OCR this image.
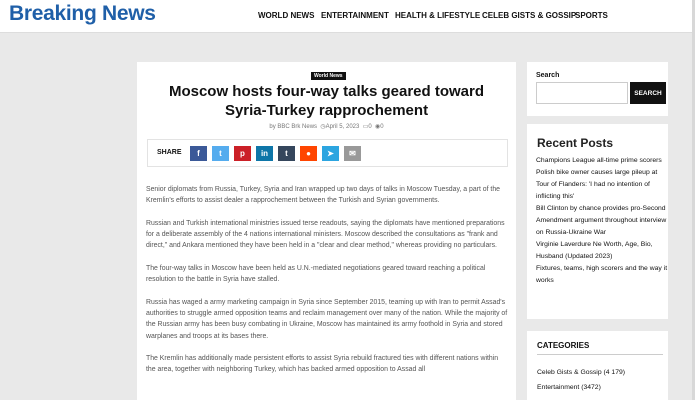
Breaking News	WORLD NEWS ENTERTAINMENT HEALTH & LIFESTYLE CELEB GISTS & GOSSIP
SPORTS
World News
Moscow hosts four-way talks geared toward Syria-Turkey rapprochement
by BBC Brk News ◷April 5, 2023 ▭0 ◉0
SHARE f t p in t ● ➤ ✉

Senior diplomats from Russia, Turkey, Syria and Iran wrapped up two days of talks in Moscow Tuesday, a part of the Kremlin's efforts to assist dealer a rapprochement between the Turkish and Syrian governments.

Russian and Turkish international ministries issued terse readouts, saying the diplomats have mentioned preparations for a deliberate assembly of the 4 nations international ministers. Moscow described the consultations as "frank and direct," and Ankara mentioned they have been held in a "clear and clear method," whereas providing no particulars.

The four-way talks in Moscow have been held as U.N.-mediated negotiations geared toward reaching a political resolution to the battle in Syria have stalled.

Russia has waged a army marketing campaign in Syria since September 2015, teaming up with Iran to permit Assad's authorities to struggle armed opposition teams and reclaim management over many of the nation. While the majority of the Russian army has been busy combating in Ukraine, Moscow has maintained its army foothold in Syria and stored warplanes and troops at its bases there.

The Kremlin has additionally made persistent efforts to assist Syria rebuild fractured ties with different nations within the area, together with neighboring Turkey, which has backed armed opposition to Assad all

Search
SEARCH
Recent Posts
Champions League all-time prime scorers
Polish bike owner causes large pileup at Tour of Flanders: 'I had no intention of inflicting this'
Bill Clinton by chance provides pro-Second Amendment argument throughout interview on Russia-Ukraine War
Virginie Laverdure Ne Worth, Age, Bio, Husband (Updated 2023)
Fixtures, teams, high scorers and the way it works
CATEGORIES
Celeb Gists & Gossip (4 179)
Entertainment (3472)
